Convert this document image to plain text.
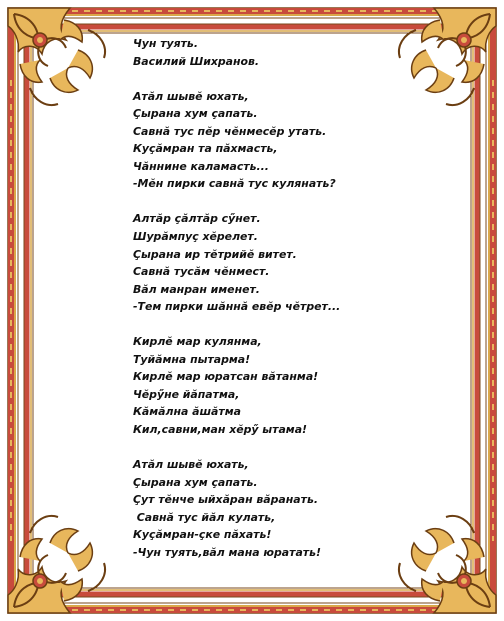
Чун туять.
Василий Шихранов.
Атӑл шывӗ юхать,
Ҫырана хум ҫапать.
Савнӑ тус пӗр чӗнмесӗр утать.
Куҫӑмран та пӑхмасть,
Чӑннине каламасть...
-Мӗн пирки савнӑ тус кулянать?
Алтӑр ҫӑлтӑр сӳнет.
Шурӑмпуҫ хӗрелет.
Ҫырана ир тӗтрийӗ витет.
Савнӑ тусӑм чӗнмест.
Вӑл манран именет.
-Тем пирки шӑннӑ евӗр чӗтрет...
Кирлӗ мар кулянма,
Туйӑмна пытарма!
Кирлӗ мар юратсан вӑтанма!
Чӗрӳне йӑпатма,
Кӑмӑлна ӑшӑтма
Кил,савни,ман хӗрӳ ытама!
Атӑл шывӗ юхать,
Ҫырана хум ҫапать.
Ҫут тӗнче ыйхӑран вӑранать.
Савнӑ тус йӑл кулать,
Куҫӑмран-ҫке пӑхать!
-Чун туять,вӑл мана юратать!
